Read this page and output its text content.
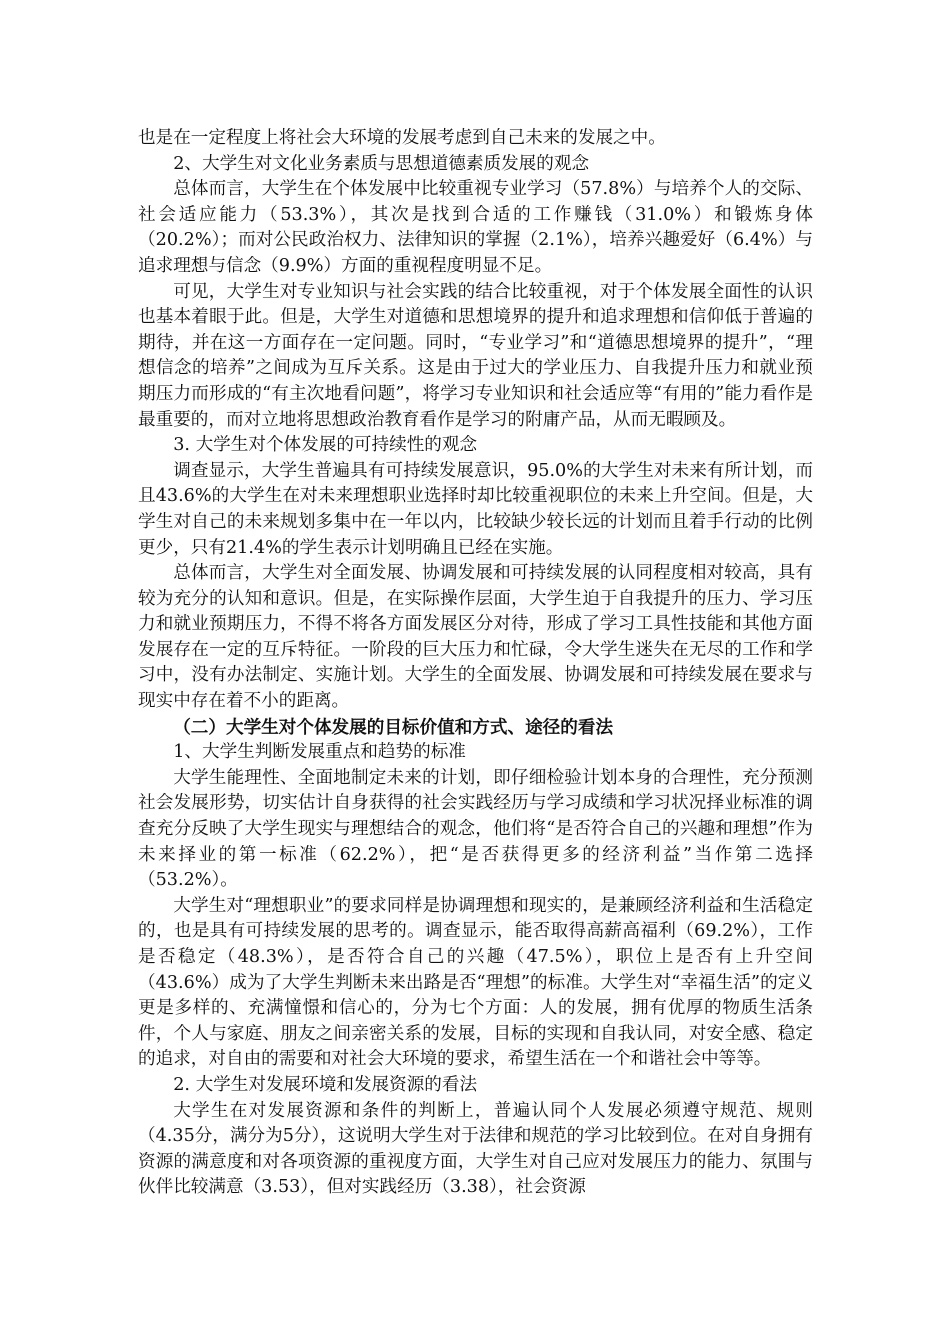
也是在一定程度上将社会大环境的发展考虑到自己未来的发展之中。

2、大学生对文化业务素质与思想道德素质发展的观念

总体而言，大学生在个体发展中比较重视专业学习（57.8%）与培养个人的交际、社会适应能力（53.3%），其次是找到合适的工作赚钱（31.0%）和锻炼身体（20.2%）；而对公民政治权力、法律知识的掌握（2.1%），培养兴趣爱好（6.4%）与追求理想与信念（9.9%）方面的重视程度明显不足。

可见，大学生对专业知识与社会实践的结合比较重视，对于个体发展全面性的认识也基本着眼于此。但是，大学生对道德和思想境界的提升和追求理想和信仰低于普遍的期待，并在这一方面存在一定问题。同时，“专业学习”和“道德思想境界的提升”，“理想信念的培养”之间成为互斥关系。这是由于过大的学业压力、自我提升压力和就业预期压力而形成的“有主次地看问题”，将学习专业知识和社会适应等“有用的”能力看作是最重要的，而对立地将思想政治教育看作是学习的附庸产品，从而无暇顾及。

3. 大学生对个体发展的可持续性的观念

调查显示，大学生普遍具有可持续发展意识，95.0%的大学生对未来有所计划，而且43.6%的大学生在对未来理想职业选择时却比较重视职位的未来上升空间。但是，大学生对自己的未来规划多集中在一年以内，比较缺少较长远的计划而且着手行动的比例更少，只有21.4%的学生表示计划明确且已经在实施。

总体而言，大学生对全面发展、协调发展和可持续发展的认同程度相对较高，具有较为充分的认知和意识。但是，在实际操作层面，大学生迫于自我提升的压力、学习压力和就业预期压力，不得不将各方面发展区分对待，形成了学习工具性技能和其他方面发展存在一定的互斥特征。一阶段的巨大压力和忙碌，令大学生迷失在无尽的工作和学习中，没有办法制定、实施计划。大学生的全面发展、协调发展和可持续发展在要求与现实中存在着不小的距离。

（二）大学生对个体发展的目标价值和方式、途径的看法

1、大学生判断发展重点和趋势的标准

大学生能理性、全面地制定未来的计划，即仔细检验计划本身的合理性，充分预测社会发展形势，切实估计自身获得的社会实践经历与学习成绩和学习状况择业标准的调查充分反映了大学生现实与理想结合的观念，他们将“是否符合自己的兴趣和理想”作为未来择业的第一标准（62.2%），把“是否获得更多的经济利益”当作第二选择（53.2%）。

大学生对“理想职业”的要求同样是协调理想和现实的，是兼顾经济利益和生活稳定的，也是具有可持续发展的思考的。调查显示，能否取得高薪高福利（69.2%），工作是否稳定（48.3%），是否符合自己的兴趣（47.5%），职位上是否有上升空间（43.6%）成为了大学生判断未来出路是否“理想”的标准。大学生对“幸福生活”的定义更是多样的、充满憧憬和信心的，分为七个方面：人的发展，拥有优厚的物质生活条件，个人与家庭、朋友之间亲密关系的发展，目标的实现和自我认同，对安全感、稳定的追求，对自由的需要和对社会大环境的要求，希望生活在一个和谐社会中等等。

2. 大学生对发展环境和发展资源的看法

大学生在对发展资源和条件的判断上，普遍认同个人发展必须遵守规范、规则（4.35分，满分为5分），这说明大学生对于法律和规范的学习比较到位。在对自身拥有资源的满意度和对各项资源的重视度方面，大学生对自己应对发展压力的能力、氛围与伙伴比较满意（3.53），但对实践经历（3.38），社会资源
